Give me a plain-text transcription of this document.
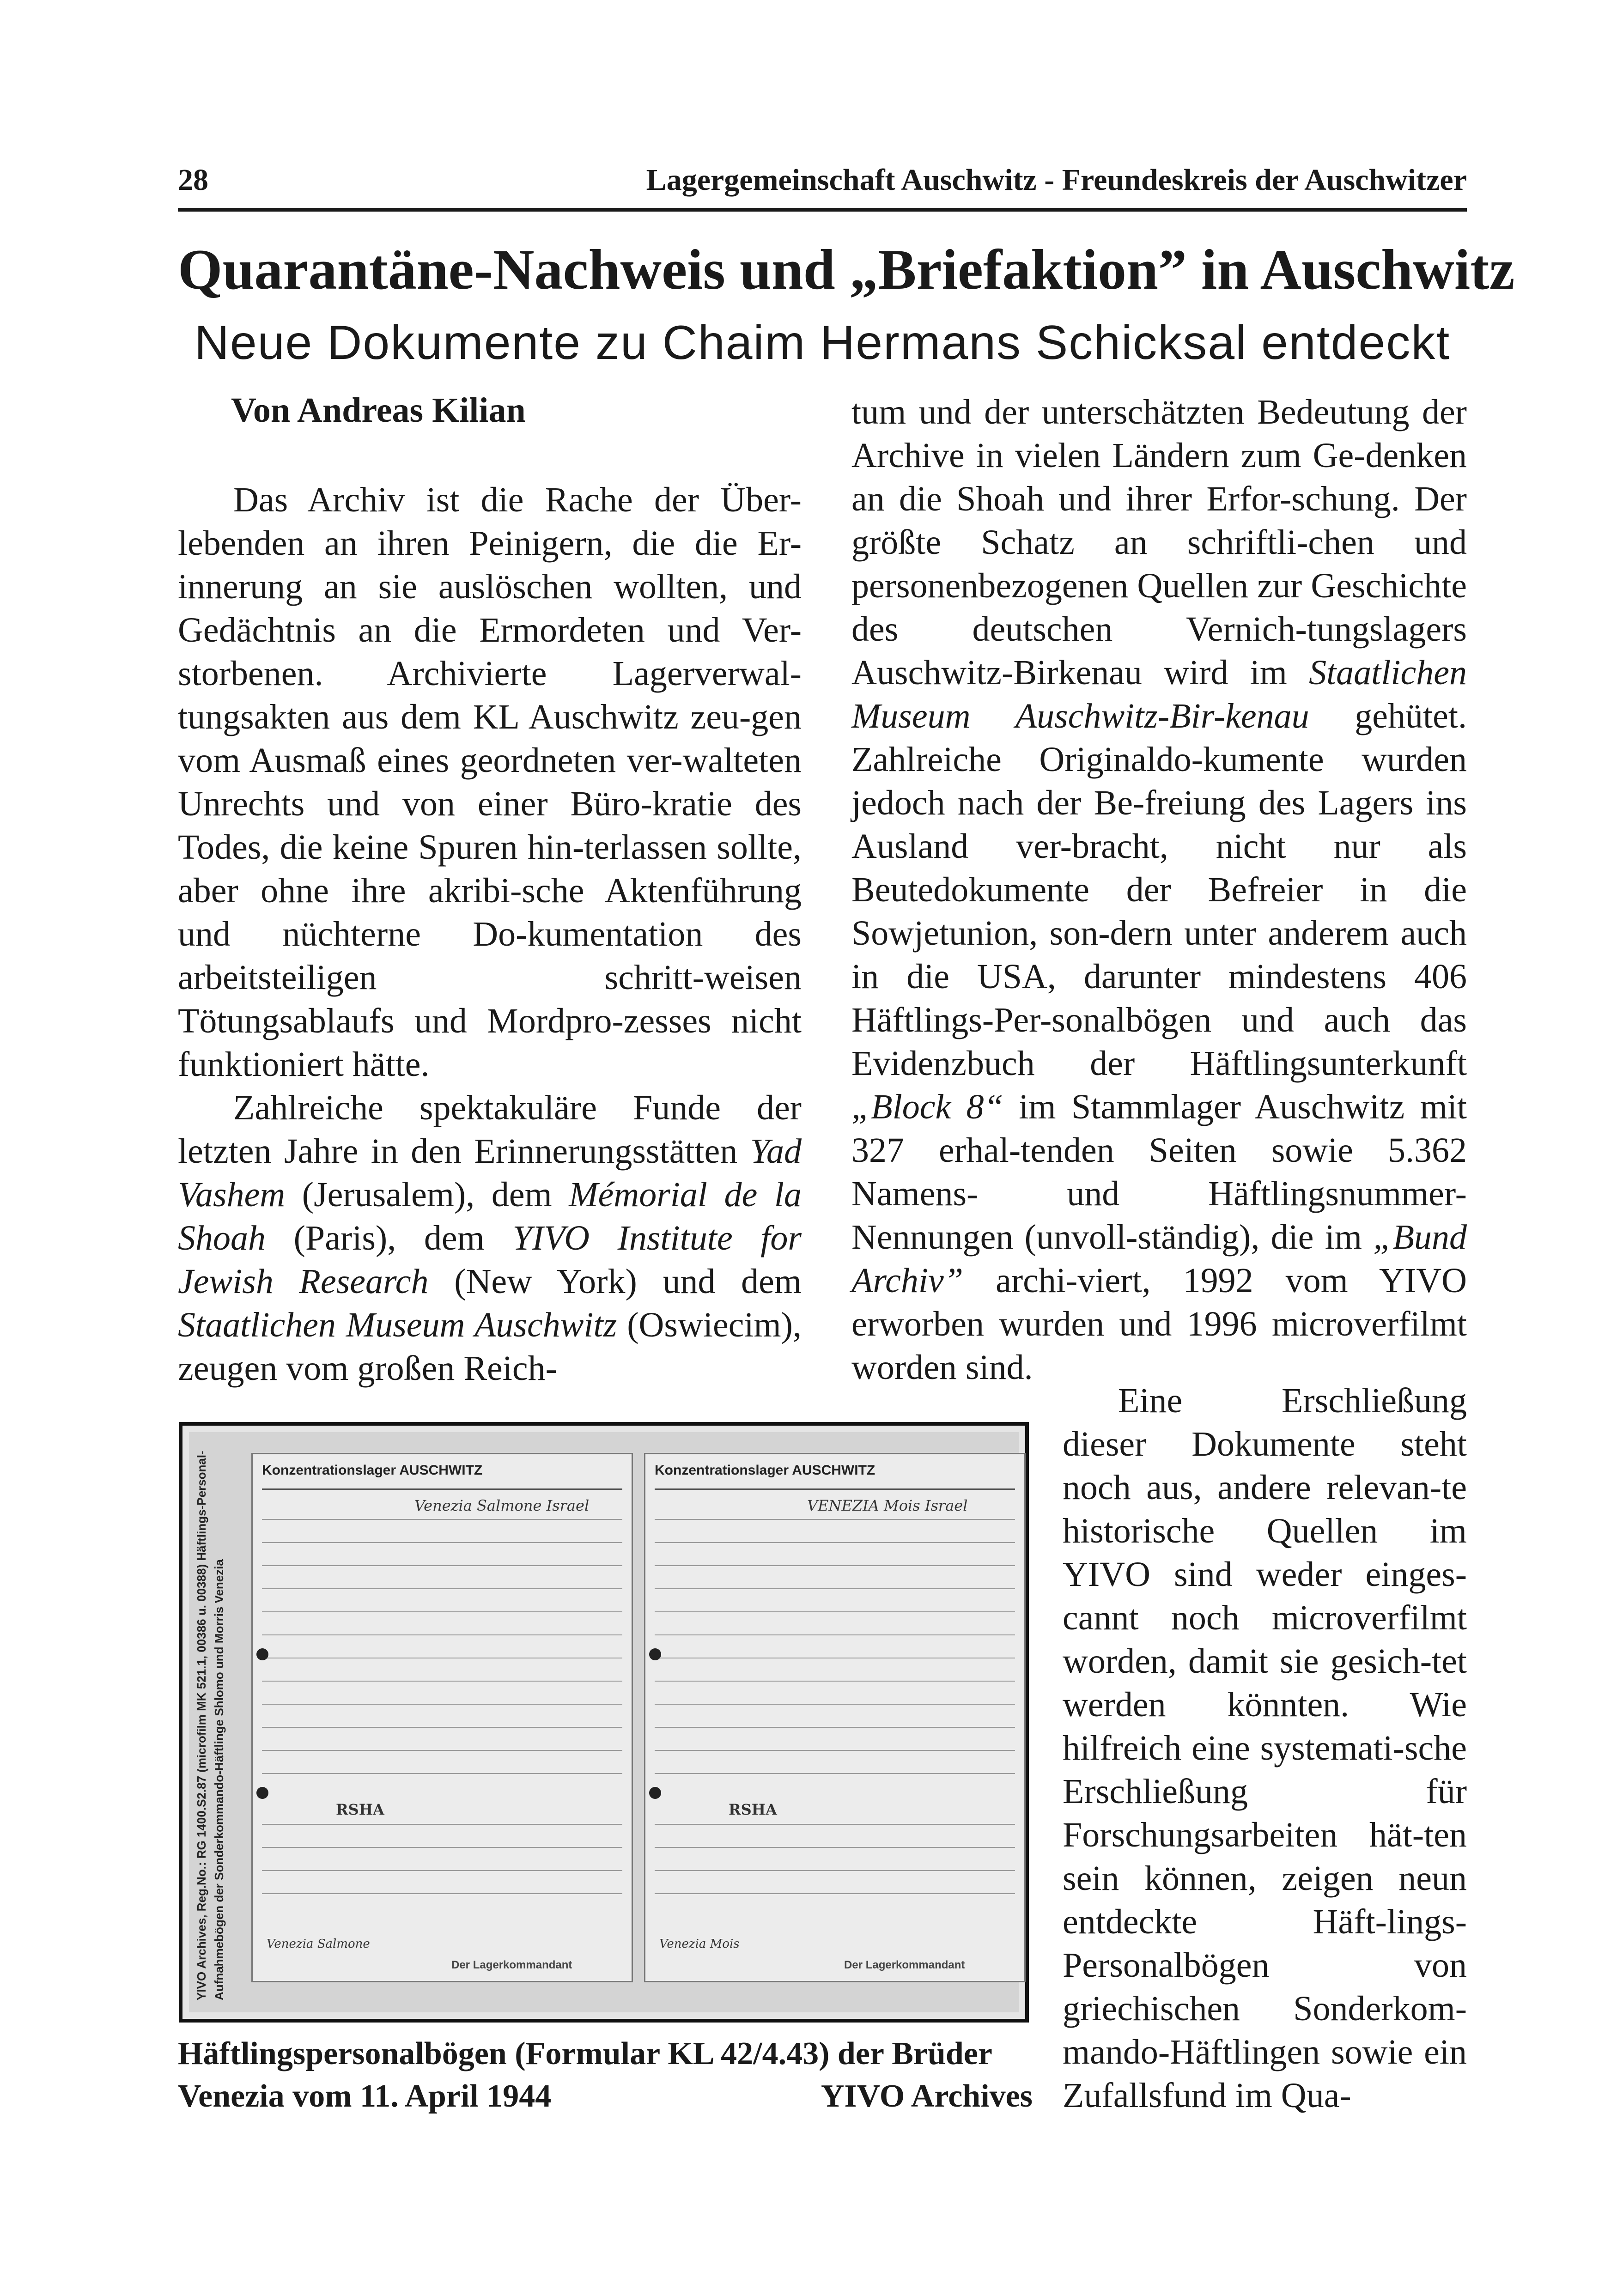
28	Lagergemeinschaft Auschwitz - Freundeskreis der Auschwitzer
Quarantäne-Nachweis und „Briefaktion” in Auschwitz
Neue Dokumente zu Chaim Hermans Schicksal entdeckt
Von Andreas Kilian

Das Archiv ist die Rache der Über-lebenden an ihren Peinigern, die die Er-innerung an sie auslöschen wollten, und Gedächtnis an die Ermordeten und Ver-storbenen. Archivierte Lagerverwal-tungsakten aus dem KL Auschwitz zeu-gen vom Ausmaß eines geordneten ver-walteten Unrechts und von einer Büro-kratie des Todes, die keine Spuren hin-terlassen sollte, aber ohne ihre akribi-sche Aktenführung und nüchterne Do-kumentation des arbeitsteiligen schritt-weisen Tötungsablaufs und Mordpro-zesses nicht funktioniert hätte.

Zahlreiche spektakuläre Funde der letzten Jahre in den Erinnerungsstätten Yad Vashem (Jerusalem), dem Mémorial de la Shoah (Paris), dem YIVO Institute for Jewish Research (New York) und dem Staatlichen Museum Auschwitz (Oswiecim), zeugen vom großen Reich-

tum und der unterschätzten Bedeutung der Archive in vielen Ländern zum Ge-denken an die Shoah und ihrer Erfor-schung. Der größte Schatz an schriftli-chen und personenbezogenen Quellen zur Geschichte des deutschen Vernich-tungslagers Auschwitz-Birkenau wird im Staatlichen Museum Auschwitz-Bir-kenau gehütet. Zahlreiche Originaldo-kumente wurden jedoch nach der Be-freiung des Lagers ins Ausland ver-bracht, nicht nur als Beutedokumente der Befreier in die Sowjetunion, son-dern unter anderem auch in die USA, darunter mindestens 406 Häftlings-Per-sonalbögen und auch das Evidenzbuch der Häftlingsunterkunft „Block 8“ im Stammlager Auschwitz mit 327 erhal-tenden Seiten sowie 5.362 Namens- und Häftlingsnummer-Nennungen (unvoll-ständig), die im „Bund Archiv” archi-viert, 1992 vom YIVO erworben wurden und 1996 microverfilmt worden sind.

Eine Erschließung dieser Dokumente steht noch aus, andere relevan-te historische Quellen im YIVO sind weder einges-cannt noch microverfilmt worden, damit sie gesich-tet werden könnten. Wie hilfreich eine systemati-sche Erschließung für Forschungsarbeiten hät-ten sein können, zeigen neun entdeckte Häft-lings-Personalbögen von griechischen Sonderkom-mando-Häftlingen sowie ein Zufallsfund im Qua-

YIVO Archives, Reg.No.: RG 1400.S2.87 (microfilm MK 521.1, 00386 u. 00388) Häftlings-Personal-Aufnahmebögen der Sonderkommando-Häftlinge Shlomo und Morris Venezia
Konzentrationslager AUSCHWITZ
Venezia Salmone Israel
RSHA
Venezia Salmone
Der Lagerkommandant
Konzentrationslager AUSCHWITZ
VENEZIA Mois Israel
RSHA
Venezia Mois
Der Lagerkommandant
Häftlingspersonalbögen (Formular KL 42/4.43) der Brüder
Venezia vom 11. April 1944	YIVO Archives
